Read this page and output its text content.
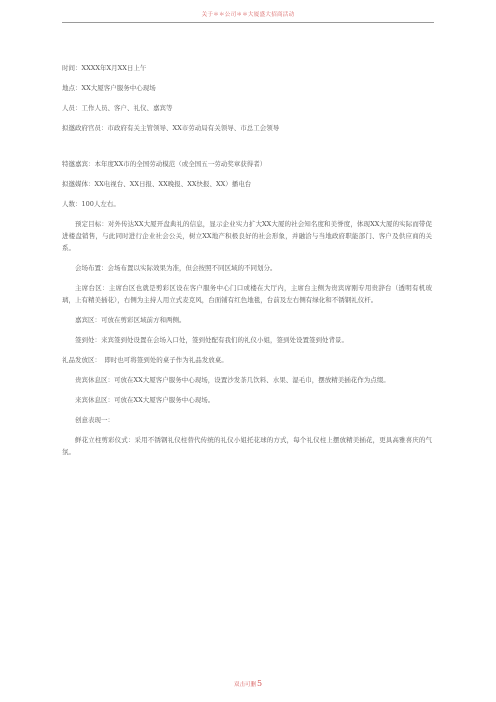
关于＊＊公司＊＊大厦盛大招商活动

时间：XXXX年X月XX日上午

地点：XX大厦客户服务中心现场

人员：工作人员、客户、礼仪、嘉宾等

拟邀政府官员：市政府有关主管领导、XX市劳动局有关领导、市总工会领导

特邀嘉宾：本年度XX市的全国劳动模范（或全国五一劳动奖章获得者）

拟邀媒体：XX电视台、XX日报、XX晚报、XX快报、XX）播电台

人数：100人左右。

预定目标：对外传达XX大厦开盘典礼的信息，显示企业实力扩大XX大厦的社会知名度和美誉度，体现XX大厦的实际而带促进楼盘销售，与此同时进行企业社会公关，树立XX地产积极良好的社会形象，并融洽与当地政府职能部门、客户及供应商的关系。

会场布置：会场布置以实际效果为准，但会按照不同区域的不同划分。

主席台区：主席台区也就是剪彩区设在客户服务中心门口或楼在大厅内，主席台主侧为贵宾席刚专用贵辞台（透明有机玻璃，上有精美插花），右侧为主持人用立式麦克风，台面铺有红色地毯，台前及左右侧有绿化和不锈钢礼仪杆。

嘉宾区：可放在剪彩区域前方和两侧。

签到处：来宾签到处设置在会场入口处，签到处配有我们的礼仪小姐，签到处设置签到处背景。

礼品发放区：　即时也可将签到处的桌子作为礼品发放桌。

贵宾休息区：可放在XX大厦客户服务中心现场，设置沙发茶几饮料、水果、湿毛巾，摆放精美插花作为点缀。

来宾休息区：可放在XX大厦客户服务中心现场。

创意表现一：

鲜花立柱剪彩仪式：采用不锈钢礼仪柱替代传统的礼仪小姐托花球的方式，每个礼仪柱上摆放精美插花，更具高雅喜庆的气氛。

双击可删5
